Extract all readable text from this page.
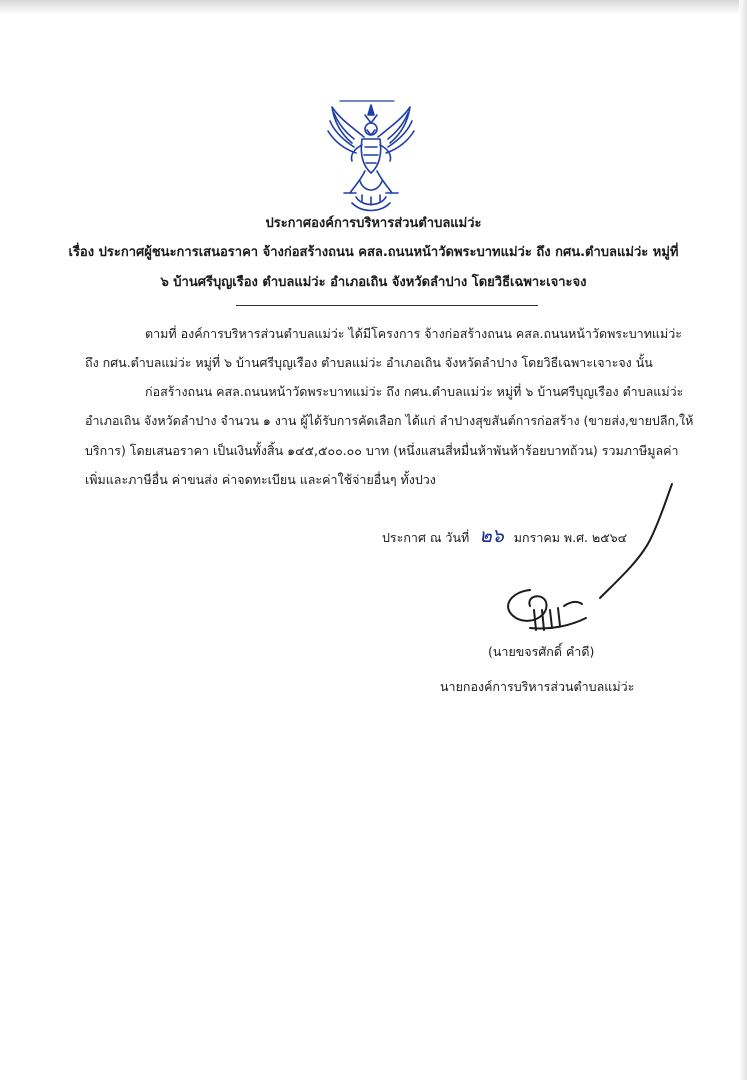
ประกาศองค์การบริหารส่วนตำบลแม่ว่ะ
เรื่อง ประกาศผู้ชนะการเสนอราคา จ้างก่อสร้างถนน คสล.ถนนหน้าวัดพระบาทแม่ว่ะ ถึง กศน.ตำบลแม่ว่ะ หมู่ที่
๖ บ้านศรีบุญเรือง ตำบลแม่ว่ะ อำเภอเถิน จังหวัดลำปาง โดยวิธีเฉพาะเจาะจง
ตามที่ องค์การบริหารส่วนตำบลแม่ว่ะ ได้มีโครงการ จ้างก่อสร้างถนน คสล.ถนนหน้าวัดพระบาทแม่ว่ะ
ถึง กศน.ตำบลแม่ว่ะ หมู่ที่ ๖ บ้านศรีบุญเรือง ตำบลแม่ว่ะ อำเภอเถิน จังหวัดลำปาง โดยวิธีเฉพาะเจาะจง นั้น
ก่อสร้างถนน คสล.ถนนหน้าวัดพระบาทแม่ว่ะ ถึง กศน.ตำบลแม่ว่ะ หมู่ที่ ๖ บ้านศรีบุญเรือง ตำบลแม่ว่ะ
อำเภอเถิน จังหวัดลำปาง จำนวน ๑ งาน ผู้ได้รับการคัดเลือก ได้แก่ ลำปางสุขสันต์การก่อสร้าง (ขายส่ง,ขายปลีก,ให้
บริการ) โดยเสนอราคา เป็นเงินทั้งสิ้น ๑๔๕,๕๐๐.๐๐ บาท (หนึ่งแสนสี่หมื่นห้าพันห้าร้อยบาทถ้วน) รวมภาษีมูลค่า
เพิ่มและภาษีอื่น ค่าขนส่ง ค่าจดทะเบียน และค่าใช้จ่ายอื่นๆ ทั้งปวง
ประกาศ ณ วันที่ ๒๖ มกราคม พ.ศ. ๒๕๖๔
(นายขจรศักดิ์ คำดี)
นายกองค์การบริหารส่วนตำบลแม่ว่ะ
